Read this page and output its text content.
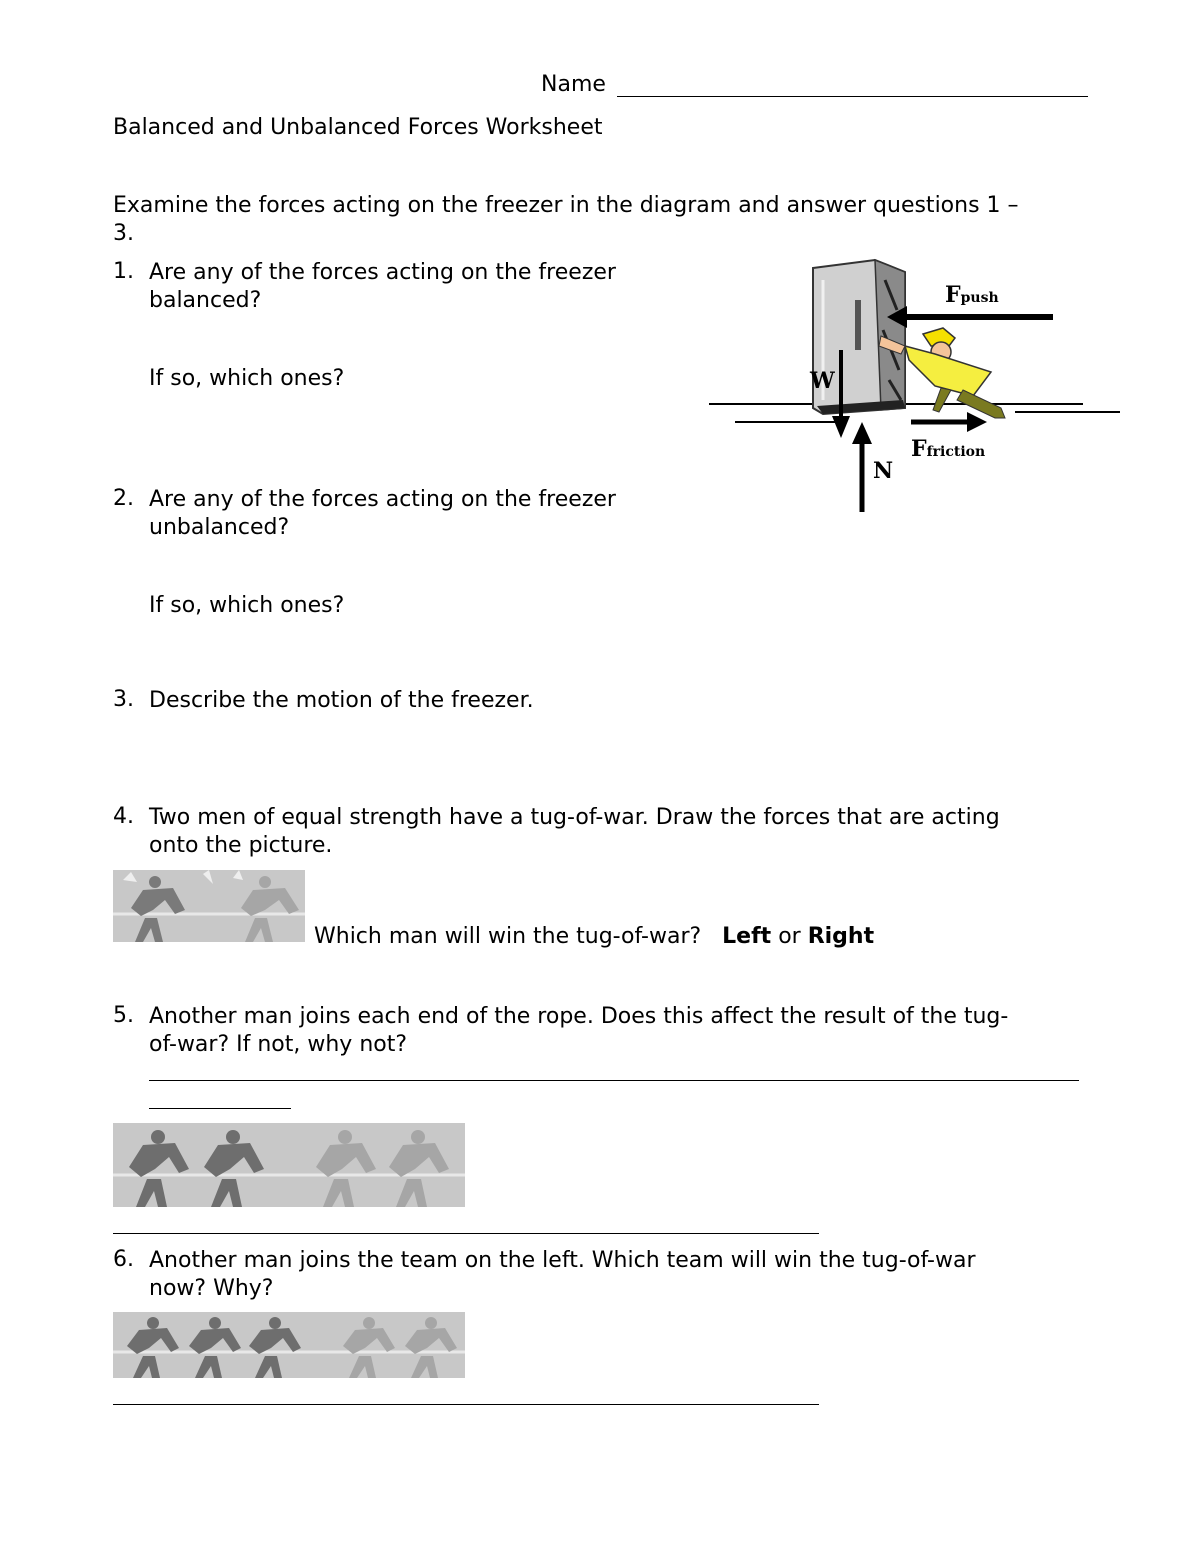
Name
Balanced and Unbalanced Forces Worksheet
Examine the forces acting on the freezer in the diagram and answer questions 1 –
3.
1. Are any of the forces acting on the freezer
balanced?
If so, which ones?
2. Are any of the forces acting on the freezer
unbalanced?
If so, which ones?
3. Describe the motion of the freezer.
4. Two men of equal strength have a tug-of-war. Draw the forces that are acting
onto the picture.
Which man will win the tug-of-war? Left or Right
5. Another man joins each end of the rope. Does this affect the result of the tug-
of-war? If not, why not?
6. Another man joins the team on the left. Which team will win the tug-of-war
now? Why?
Fpush
W
N
Ffriction
